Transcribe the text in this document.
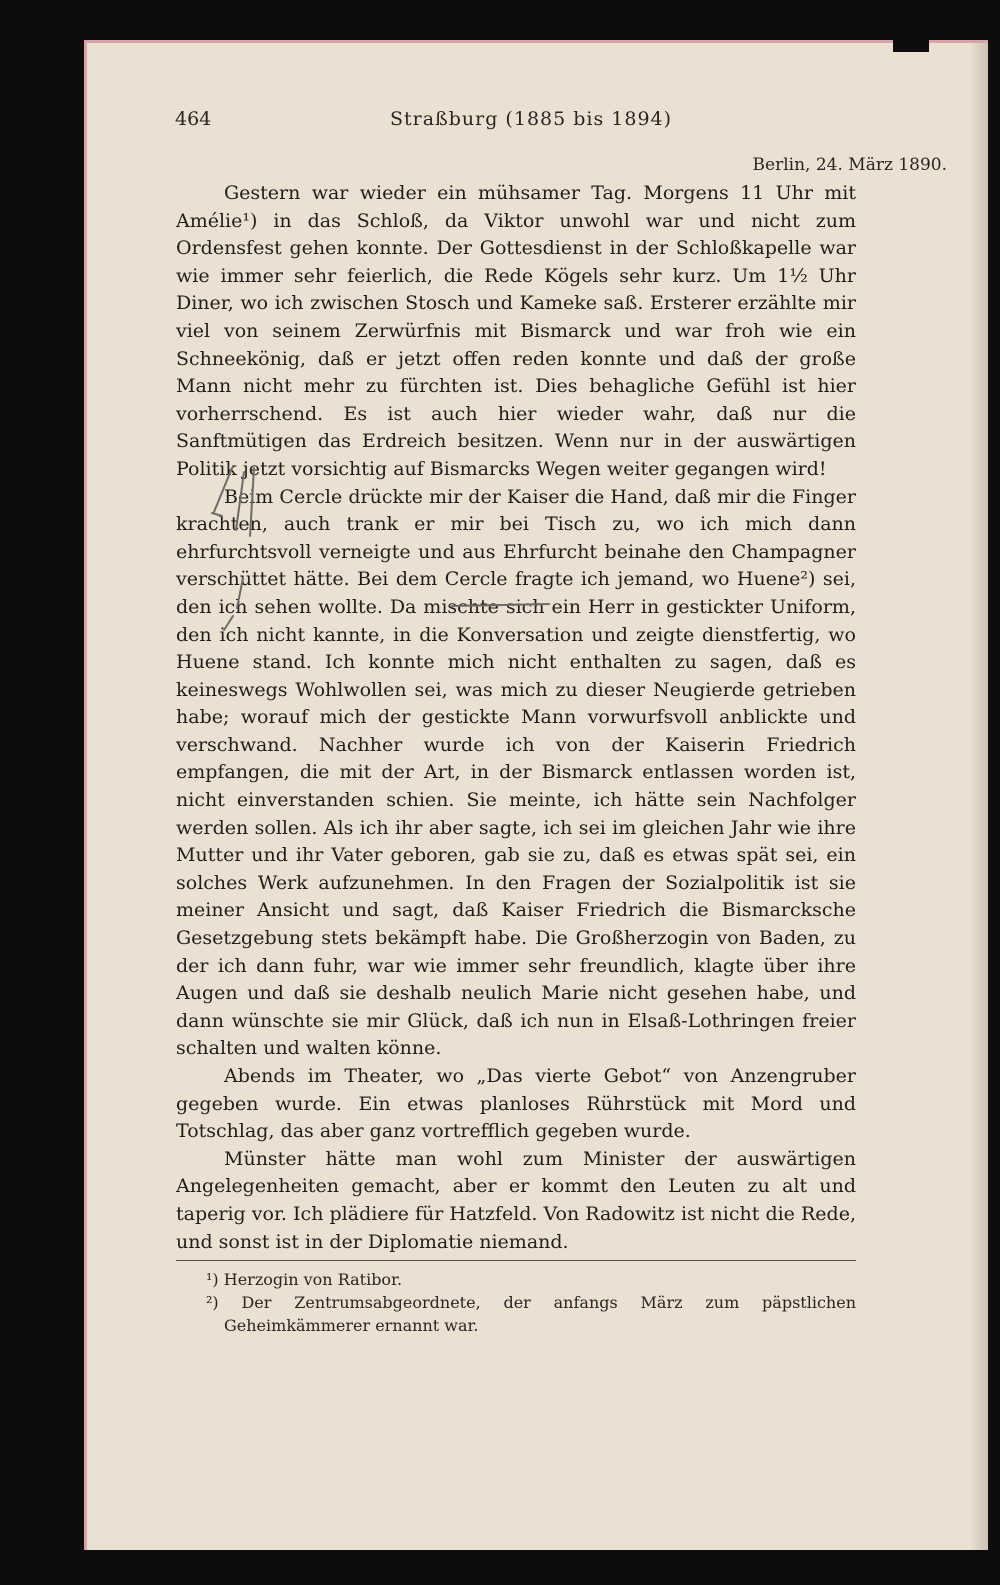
464	Straßburg (1885 bis 1894)
Berlin, 24. März 1890.

Gestern war wieder ein mühsamer Tag. Morgens 11 Uhr mit Amélie¹) in das Schloß, da Viktor unwohl war und nicht zum Ordensfest gehen konnte. Der Gottesdienst in der Schloßkapelle war wie immer sehr feierlich, die Rede Kögels sehr kurz. Um 1½ Uhr Diner, wo ich zwischen Stosch und Kameke saß. Ersterer erzählte mir viel von seinem Zerwürfnis mit Bismarck und war froh wie ein Schneekönig, daß er jetzt offen reden konnte und daß der große Mann nicht mehr zu fürchten ist. Dies behagliche Gefühl ist hier vorherrschend. Es ist auch hier wieder wahr, daß nur die Sanftmütigen das Erdreich besitzen. Wenn nur in der auswärtigen Politik jetzt vorsichtig auf Bismarcks Wegen weiter gegangen wird!

Beim Cercle drückte mir der Kaiser die Hand, daß mir die Finger krachten, auch trank er mir bei Tisch zu, wo ich mich dann ehrfurchtsvoll verneigte und aus Ehrfurcht beinahe den Champagner verschüttet hätte. Bei dem Cercle fragte ich jemand, wo Huene²) sei, den ich sehen wollte. Da mischte sich ein Herr in gestickter Uniform, den ich nicht kannte, in die Konversation und zeigte dienstfertig, wo Huene stand. Ich konnte mich nicht enthalten zu sagen, daß es keineswegs Wohlwollen sei, was mich zu dieser Neugierde getrieben habe; worauf mich der gestickte Mann vorwurfsvoll anblickte und verschwand. Nachher wurde ich von der Kaiserin Friedrich empfangen, die mit der Art, in der Bismarck entlassen worden ist, nicht einverstanden schien. Sie meinte, ich hätte sein Nachfolger werden sollen. Als ich ihr aber sagte, ich sei im gleichen Jahr wie ihre Mutter und ihr Vater geboren, gab sie zu, daß es etwas spät sei, ein solches Werk aufzunehmen. In den Fragen der Sozialpolitik ist sie meiner Ansicht und sagt, daß Kaiser Friedrich die Bismarcksche Gesetzgebung stets bekämpft habe. Die Großherzogin von Baden, zu der ich dann fuhr, war wie immer sehr freundlich, klagte über ihre Augen und daß sie deshalb neulich Marie nicht gesehen habe, und dann wünschte sie mir Glück, daß ich nun in Elsaß-Lothringen freier schalten und walten könne.

Abends im Theater, wo „Das vierte Gebot“ von Anzengruber gegeben wurde. Ein etwas planloses Rührstück mit Mord und Totschlag, das aber ganz vortrefflich gegeben wurde.

Münster hätte man wohl zum Minister der auswärtigen Angelegenheiten gemacht, aber er kommt den Leuten zu alt und taperig vor. Ich plädiere für Hatzfeld. Von Radowitz ist nicht die Rede, und sonst ist in der Diplomatie niemand.

¹) Herzogin von Ratibor.

²) Der Zentrumsabgeordnete, der anfangs März zum päpstlichen Geheimkämmerer ernannt war.
